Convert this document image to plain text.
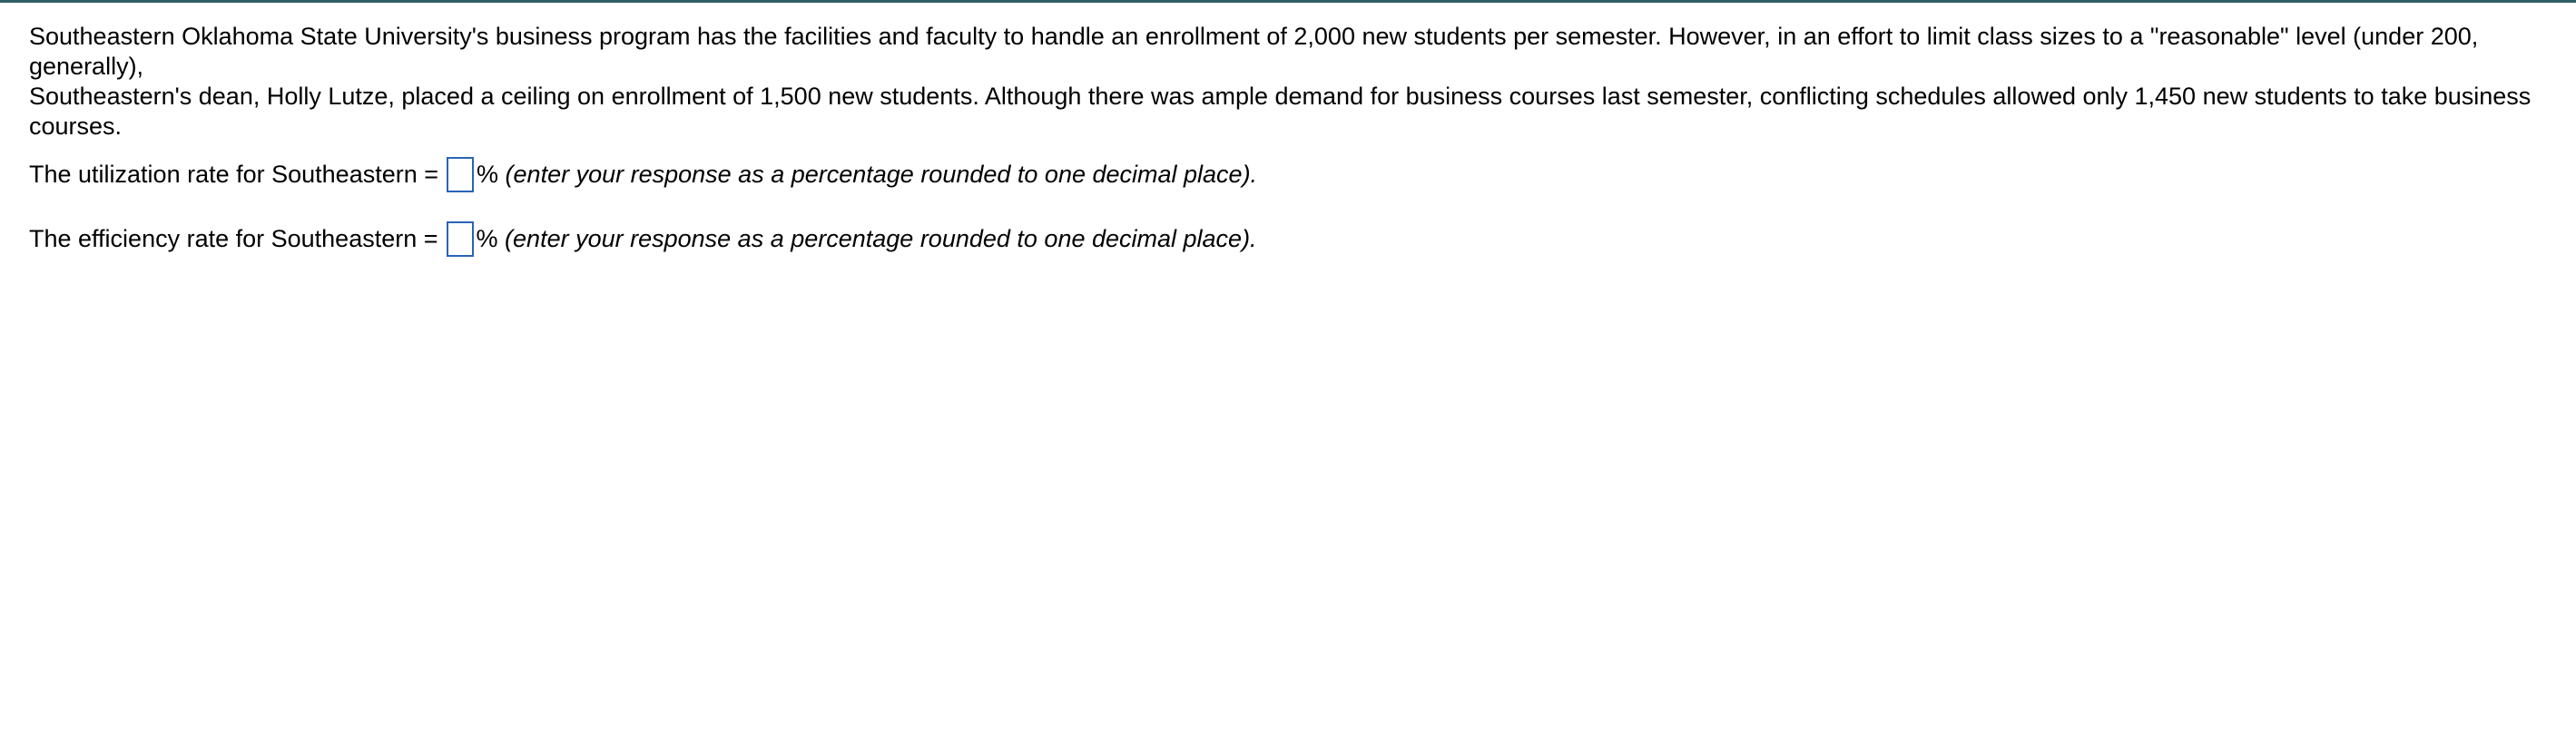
Southeastern Oklahoma State University's business program has the facilities and faculty to handle an enrollment of 2,000 new students per semester. However, in an effort to limit class sizes to a "reasonable" level (under 200, generally),
Southeastern's dean, Holly Lutze, placed a ceiling on enrollment of 1,500 new students. Although there was ample demand for business courses last semester, conflicting schedules allowed only 1,450 new students to take business courses.

The utilization rate for Southeastern = %
(enter your response as a percentage rounded to one decimal place).
The efficiency rate for Southeastern = %
(enter your response as a percentage rounded to one decimal place).
